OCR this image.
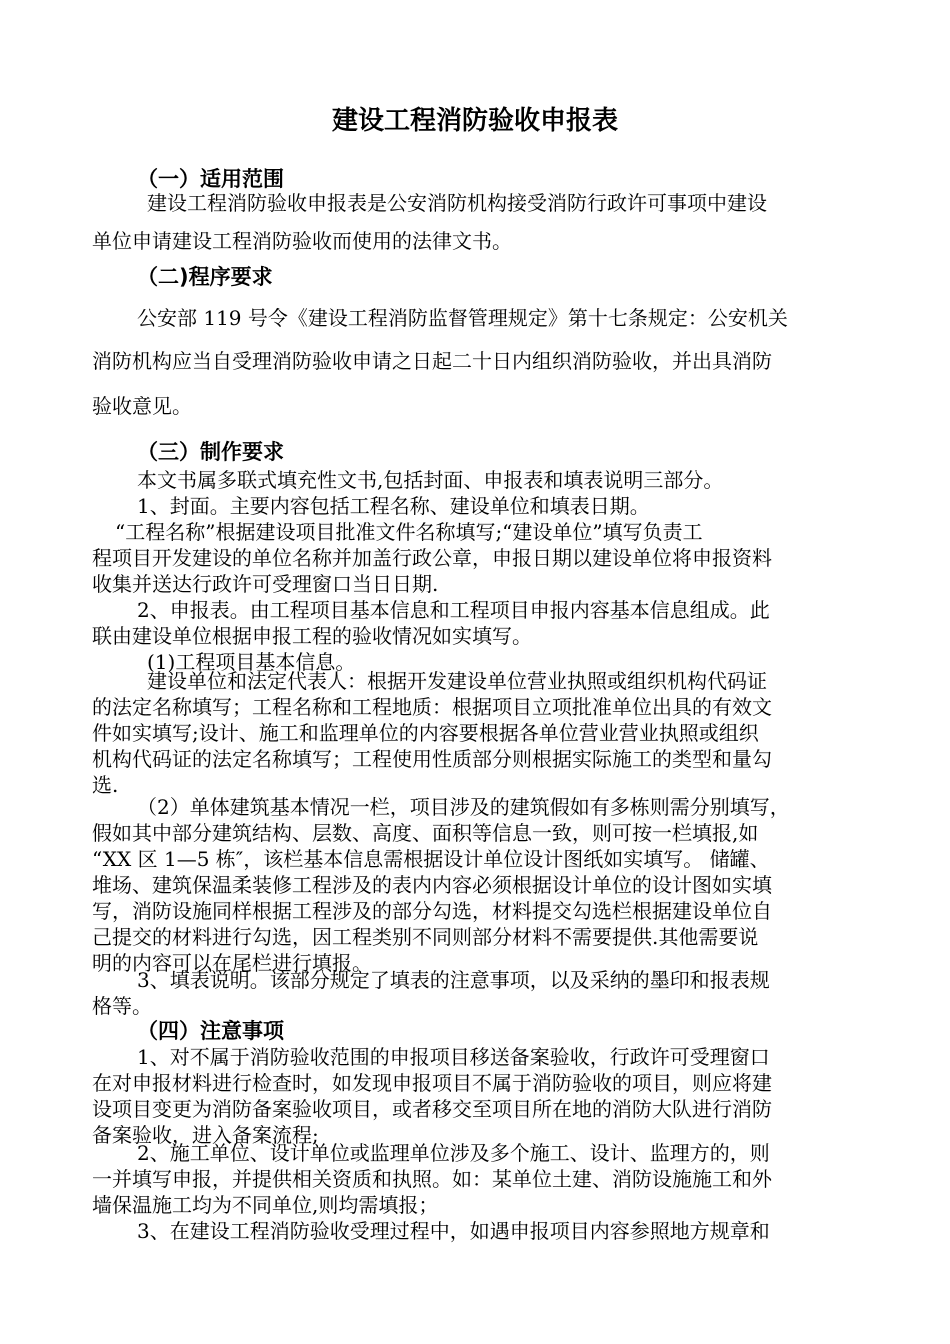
建设工程消防验收申报表
（一）适用范围
建设工程消防验收申报表是公安消防机构接受消防行政许可事项中建设
单位申请建设工程消防验收而使用的法律文书。
（二)程序要求
公安部 119 号令《建设工程消防监督管理规定》第十七条规定：公安机关
消防机构应当自受理消防验收申请之日起二十日内组织消防验收，并出具消防
验收意见。
（三）制作要求
本文书属多联式填充性文书,包括封面、申报表和填表说明三部分。
1、封面。主要内容包括工程名称、建设单位和填表日期。
“工程名称”根据建设项目批准文件名称填写;“建设单位”填写负责工
程项目开发建设的单位名称并加盖行政公章，申报日期以建设单位将申报资料
收集并送达行政许可受理窗口当日日期.
2、申报表。由工程项目基本信息和工程项目申报内容基本信息组成。此
联由建设单位根据申报工程的验收情况如实填写。
(1)工程项目基本信息。
建设单位和法定代表人：根据开发建设单位营业执照或组织机构代码证
的法定名称填写；工程名称和工程地质：根据项目立项批准单位出具的有效文
件如实填写;设计、施工和监理单位的内容要根据各单位营业营业执照或组织
机构代码证的法定名称填写；工程使用性质部分则根据实际施工的类型和量勾
选.
（2）单体建筑基本情况一栏，项目涉及的建筑假如有多栋则需分别填写，
假如其中部分建筑结构、层数、高度、面积等信息一致，则可按一栏填报,如
“XX 区 1—5 栋″，该栏基本信息需根据设计单位设计图纸如实填写。 储罐、
堆场、建筑保温柔装修工程涉及的表内内容必须根据设计单位的设计图如实填
写，消防设施同样根据工程涉及的部分勾选，材料提交勾选栏根据建设单位自
己提交的材料进行勾选，因工程类别不同则部分材料不需要提供.其他需要说
明的内容可以在尾栏进行填报。
3、填表说明。该部分规定了填表的注意事项，以及采纳的墨印和报表规
格等。
（四）注意事项
1、对不属于消防验收范围的申报项目移送备案验收，行政许可受理窗口
在对申报材料进行检查时，如发现申报项目不属于消防验收的项目，则应将建
设项目变更为消防备案验收项目，或者移交至项目所在地的消防大队进行消防
备案验收，进入备案流程;
2、施工单位、设计单位或监理单位涉及多个施工、设计、监理方的，则
一并填写申报，并提供相关资质和执照。如：某单位土建、消防设施施工和外
墙保温施工均为不同单位,则均需填报；
3、在建设工程消防验收受理过程中，如遇申报项目内容参照地方规章和
